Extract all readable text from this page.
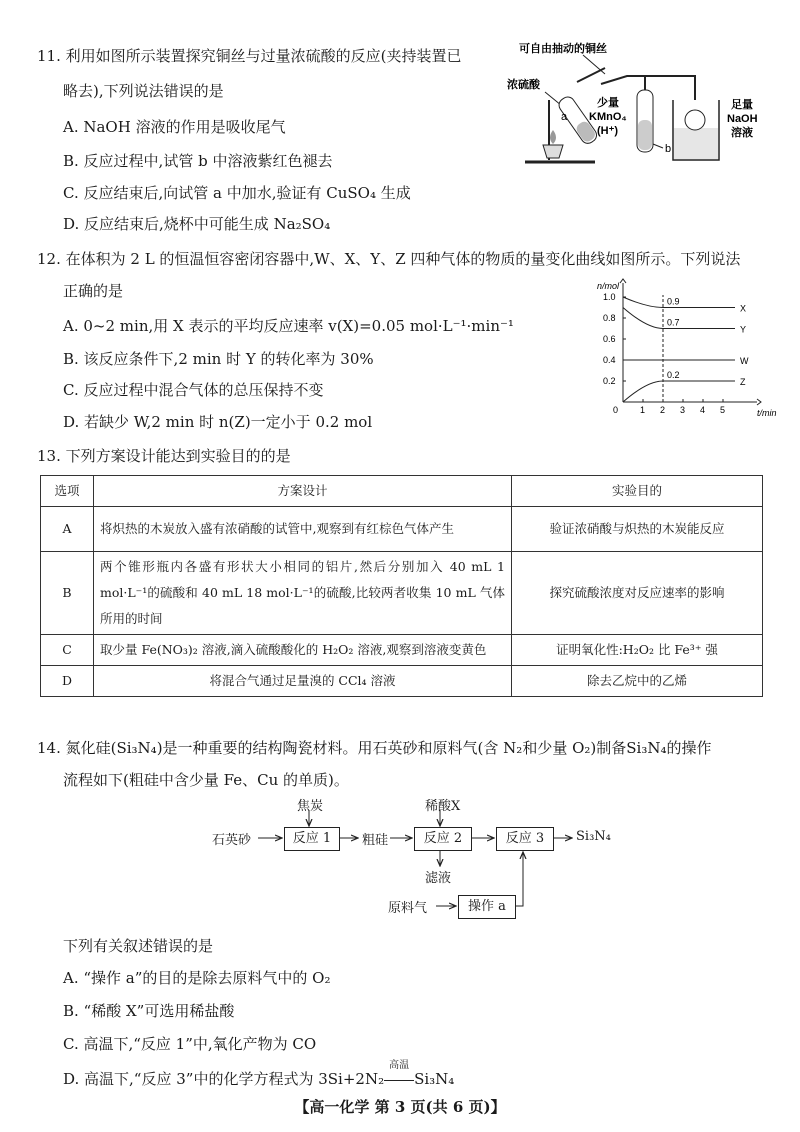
11. 利用如图所示装置探究铜丝与过量浓硫酸的反应(夹持装置已
略去),下列说法错误的是
A. NaOH 溶液的作用是吸收尾气
B. 反应过程中,试管 b 中溶液紫红色褪去
C. 反应结束后,向试管 a 中加水,验证有 CuSO₄ 生成
D. 反应结束后,烧杯中可能生成 Na₂SO₄
可自由抽动的铜丝
浓硫酸
a
少量
KMnO₄
(H⁺)
b
足量
NaOH
溶液
12. 在体积为 2 L 的恒温恒容密闭容器中,W、X、Y、Z 四种气体的物质的量变化曲线如图所示。下列说法
正确的是
A. 0~2 min,用 X 表示的平均反应速率 v(X)=0.05 mol·L⁻¹·min⁻¹
B. 该反应条件下,2 min 时 Y 的转化率为 30%
C. 反应过程中混合气体的总压保持不变
D. 若缺少 W,2 min 时 n(Z)一定小于 0.2 mol
n/mol
t/min
0
1.0
0.8
0.6
0.4
0.2
1 2 3 4 5
X
Y
W
Z
0.9
0.7
0.2
13. 下列方案设计能达到实验目的的是
选项	方案设计	实验目的
A	将炽热的木炭放入盛有浓硝酸的试管中,观察到有红棕色气体产生	验证浓硝酸与炽热的木炭能反应
B	两个锥形瓶内各盛有形状大小相同的铝片,然后分别加入 40 mL 1 mol·L⁻¹的硫酸和 40 mL 18 mol·L⁻¹的硫酸,比较两者收集 10 mL 气体所用的时间	探究硫酸浓度对反应速率的影响
C	取少量 Fe(NO₃)₂ 溶液,滴入硫酸酸化的 H₂O₂ 溶液,观察到溶液变黄色	证明氧化性:H₂O₂ 比 Fe³⁺ 强
D	将混合气通过足量溴的 CCl₄ 溶液	除去乙烷中的乙烯
14. 氮化硅(Si₃N₄)是一种重要的结构陶瓷材料。用石英砂和原料气(含 N₂和少量 O₂)制备Si₃N₄的操作
流程如下(粗硅中含少量 Fe、Cu 的单质)。
焦炭	稀酸X
石英砂	反应 1	粗硅	反应 2	反应 3	Si₃N₄
滤液
原料气	操作 a
下列有关叙述错误的是
A. “操作 a”的目的是除去原料气中的 O₂
B. “稀酸 X”可选用稀盐酸
C. 高温下,“反应 1”中,氧化产物为 CO
D. 高温下,“反应 3”中的化学方程式为 3Si+2N₂
高温
Si₃N₄
【高一化学 第 3 页(共 6 页)】
